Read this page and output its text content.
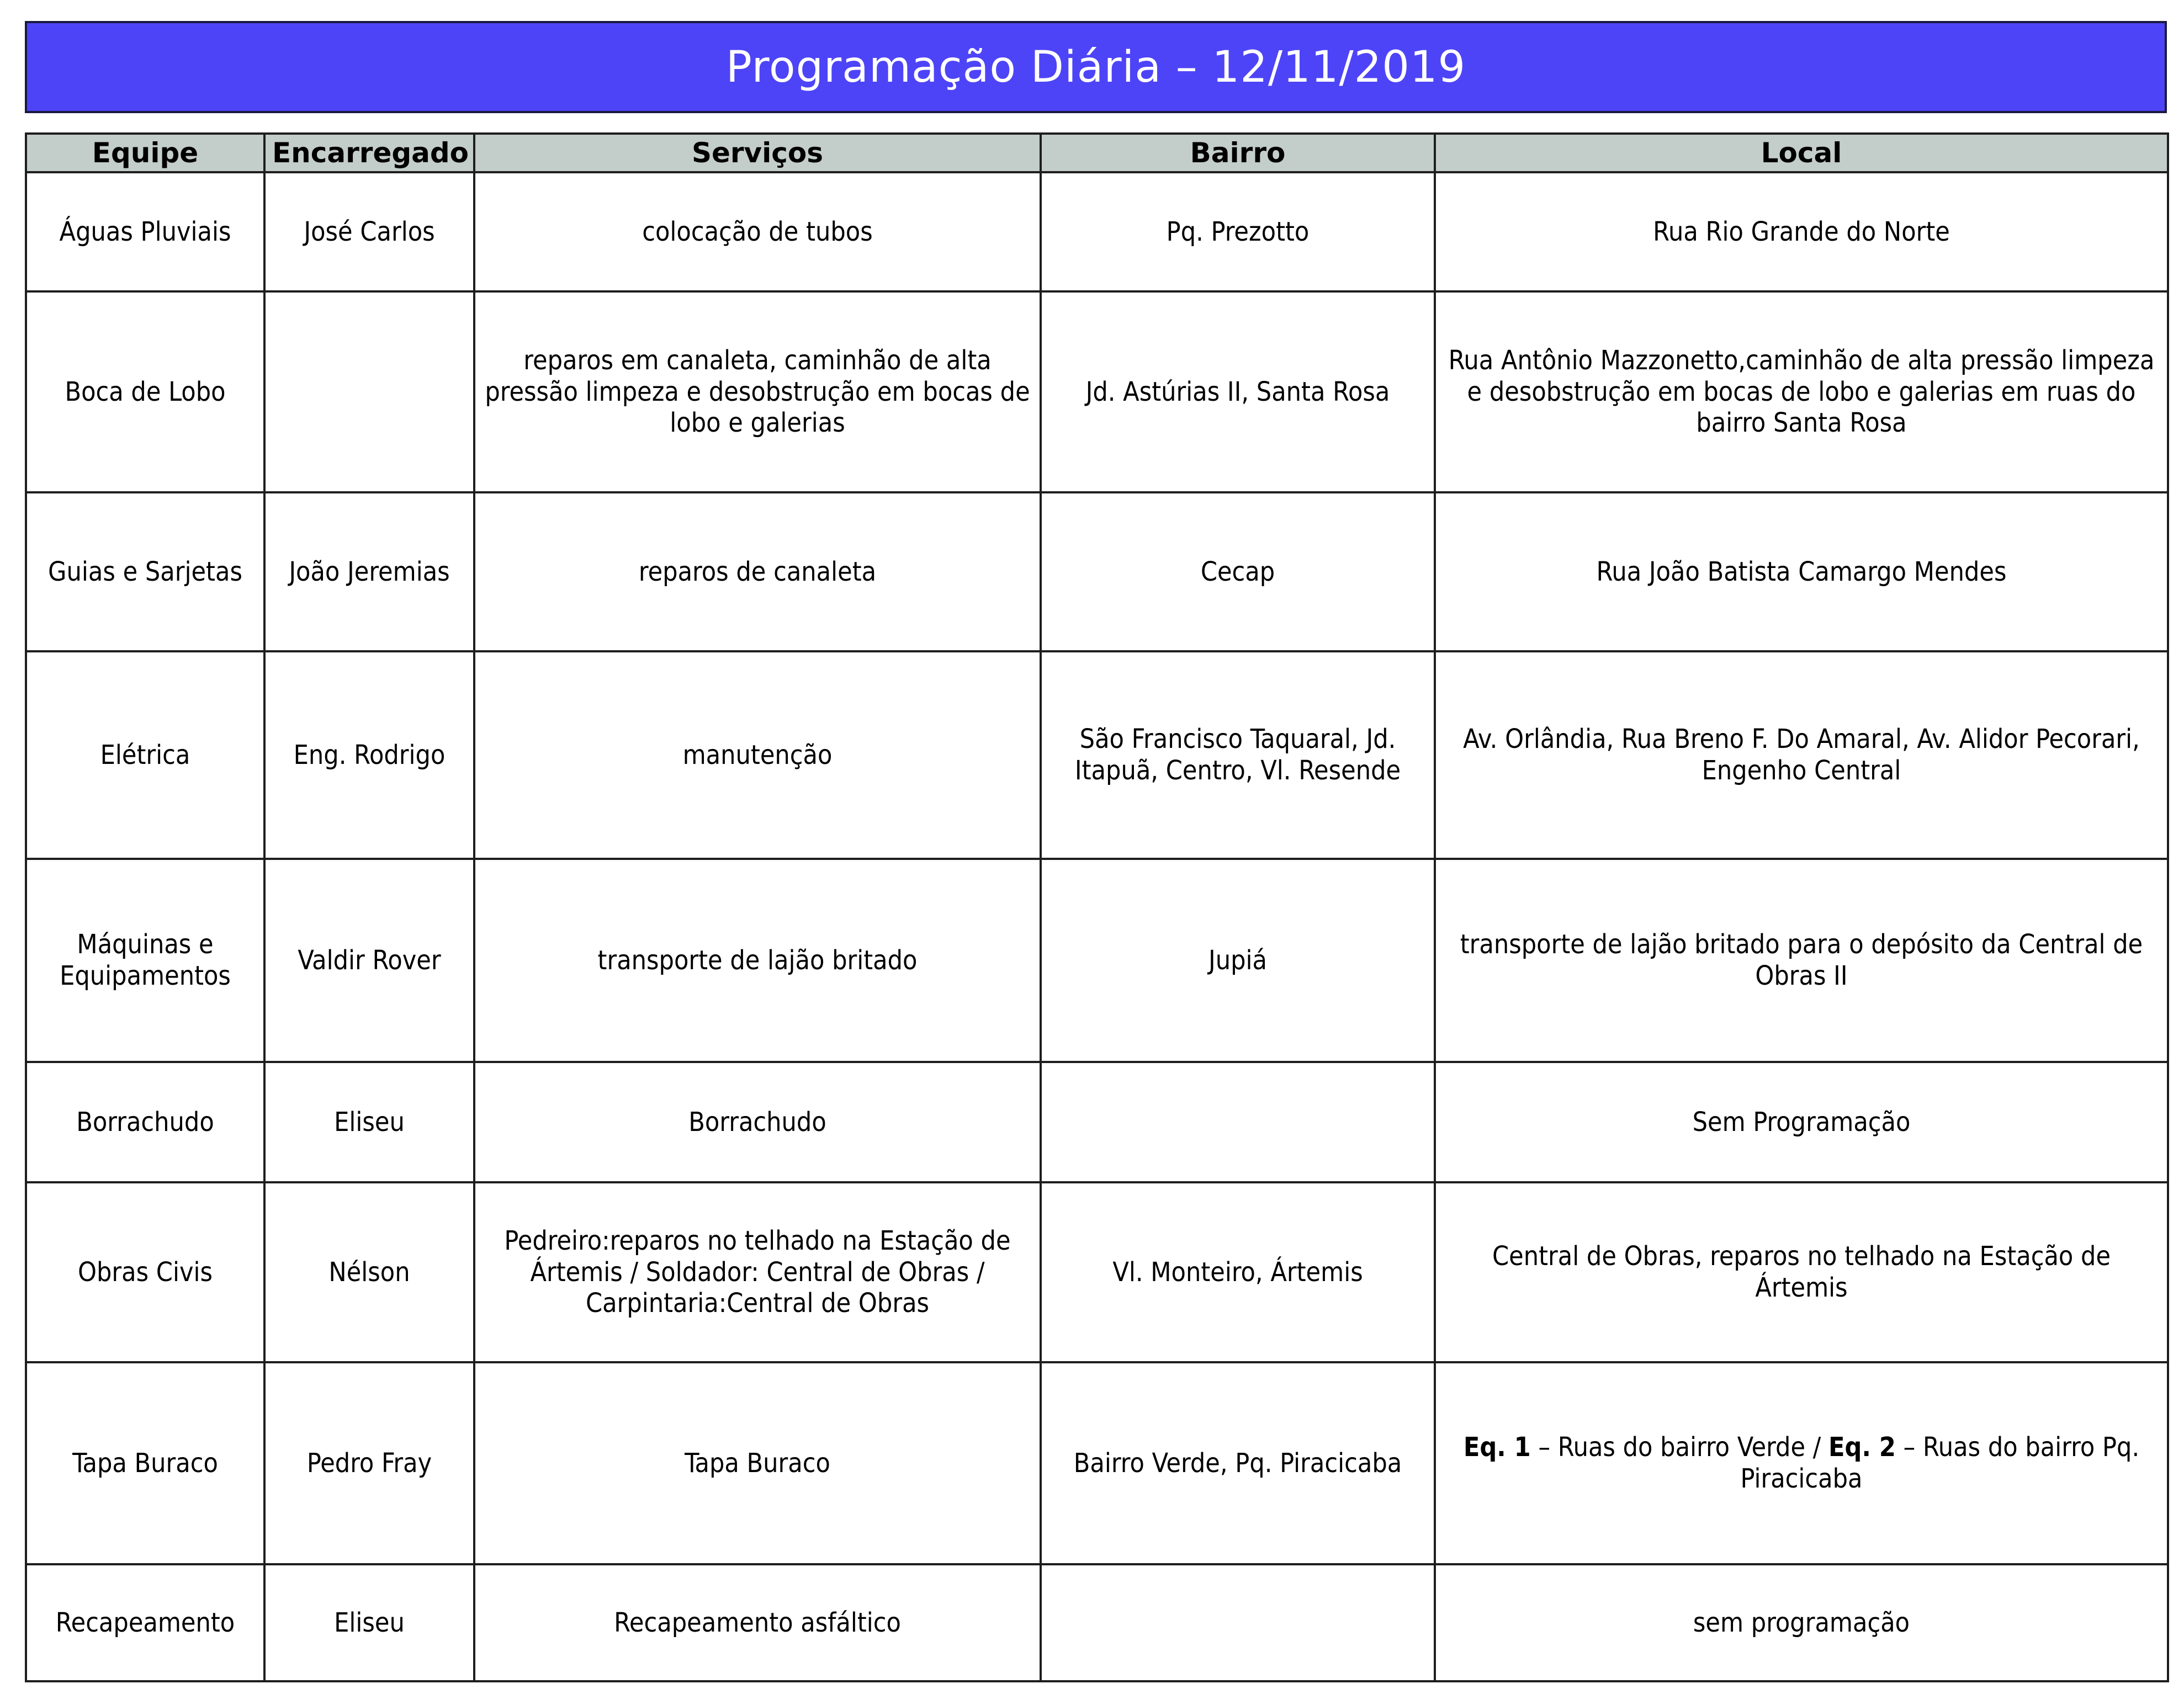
Programação Diária – 12/11/2019
Equipe	Encarregado	Serviços	Bairro	Local
Águas Pluviais	José Carlos	colocação de tubos	Pq. Prezotto	Rua Rio Grande do Norte
Boca de Lobo		reparos em canaleta, caminhão de alta pressão limpeza e desobstrução em bocas de lobo e galerias	Jd. Astúrias II, Santa Rosa	Rua Antônio Mazzonetto,caminhão de alta pressão limpeza e desobstrução em bocas de lobo e galerias em ruas do bairro Santa Rosa
Guias e Sarjetas	João Jeremias	reparos de canaleta	Cecap	Rua João Batista Camargo Mendes
Elétrica	Eng. Rodrigo	manutenção	São Francisco Taquaral, Jd. Itapuã, Centro, Vl. Resende	Av. Orlândia, Rua Breno F. Do Amaral, Av. Alidor Pecorari, Engenho Central
Máquinas e Equipamentos	Valdir Rover	transporte de lajão britado	Jupiá	transporte de lajão britado para o depósito da Central de Obras II
Borrachudo	Eliseu	Borrachudo		Sem Programação
Obras Civis	Nélson	Pedreiro:reparos no telhado na Estação de Ártemis / Soldador: Central de Obras / Carpintaria:Central de Obras	Vl. Monteiro, Ártemis	Central de Obras, reparos no telhado na Estação de Ártemis
Tapa Buraco	Pedro Fray	Tapa Buraco	Bairro Verde, Pq. Piracicaba	Eq. 1 – Ruas do bairro Verde / Eq. 2 – Ruas do bairro Pq. Piracicaba
Recapeamento	Eliseu	Recapeamento asfáltico		sem programação
